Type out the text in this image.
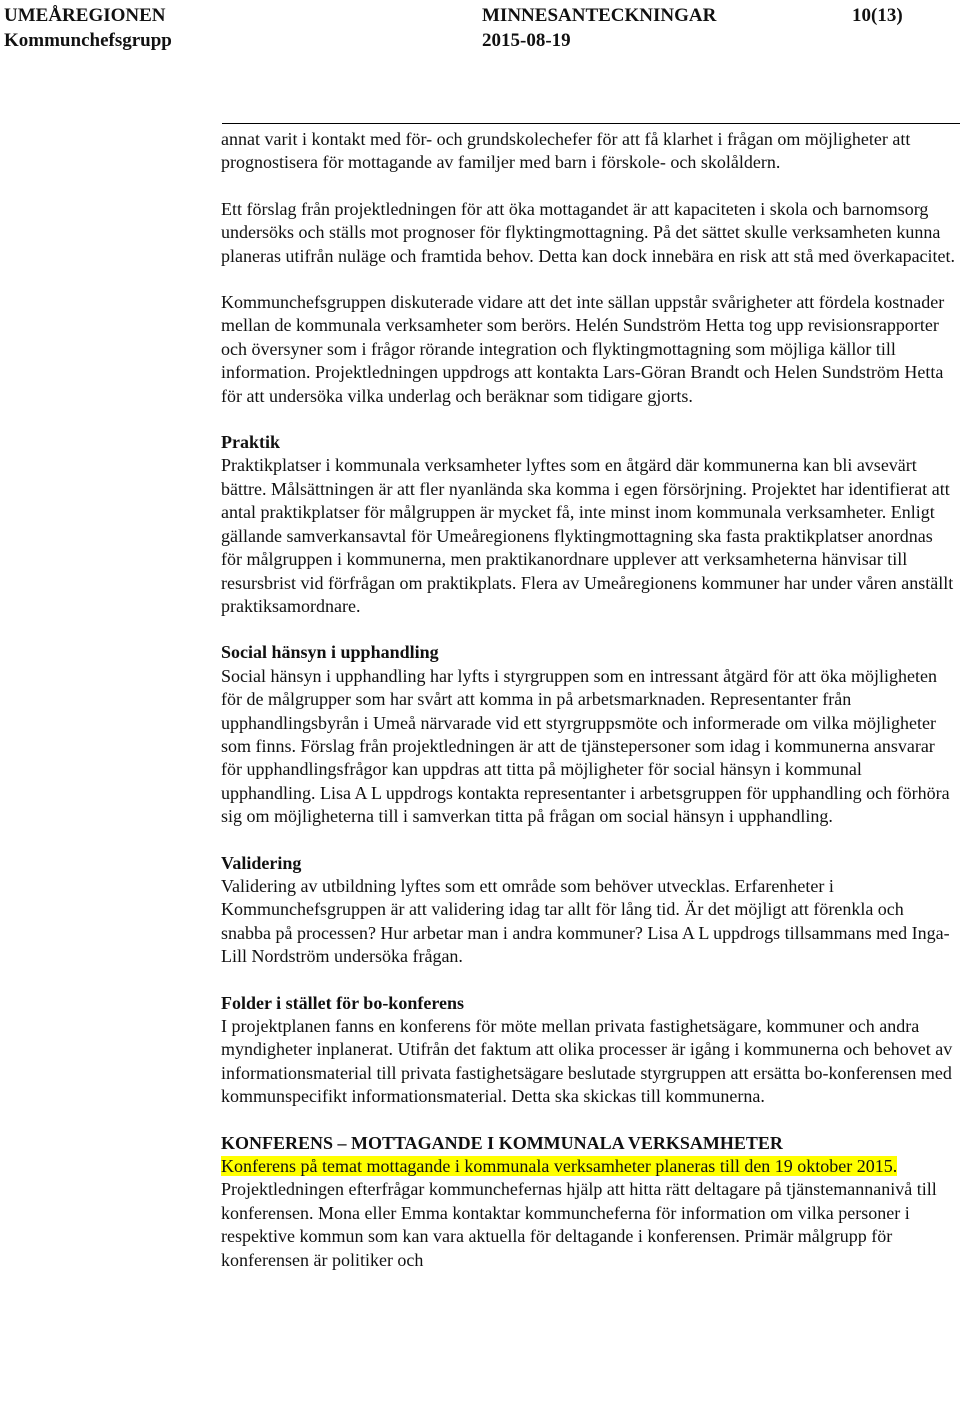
UMEÅREGIONEN
Kommunchefsgrupp
MINNESANTECKNINGAR
2015-08-19
10(13)

annat varit i kontakt med för- och grundskolechefer för att få klarhet i frågan om möjligheter att prognostisera för mottagande av familjer med barn i förskole- och skolåldern.

Ett förslag från projektledningen för att öka mottagandet är att kapaciteten i skola och barnomsorg undersöks och ställs mot prognoser för flyktingmottagning. På det sättet skulle verksamheten kunna planeras utifrån nuläge och framtida behov. Detta kan dock innebära en risk att stå med överkapacitet.

Kommunchefsgruppen diskuterade vidare att det inte sällan uppstår svårigheter att fördela kostnader mellan de kommunala verksamheter som berörs. Helén Sundström Hetta tog upp revisionsrapporter och översyner som i frågor rörande integration och flyktingmottagning som möjliga källor till information. Projektledningen uppdrogs att kontakta Lars-Göran Brandt och Helen Sundström Hetta för att undersöka vilka underlag och beräknar som tidigare gjorts.

Praktik

Praktikplatser i kommunala verksamheter lyftes som en åtgärd där kommunerna kan bli avsevärt bättre. Målsättningen är att fler nyanlända ska komma i egen försörjning. Projektet har identifierat att antal praktikplatser för målgruppen är mycket få, inte minst inom kommunala verksamheter. Enligt gällande samverkansavtal för Umeåregionens flyktingmottagning ska fasta praktikplatser anordnas för målgruppen i kommunerna, men praktikanordnare upplever att verksamheterna hänvisar till resursbrist vid förfrågan om praktikplats. Flera av Umeåregionens kommuner har under våren anställt praktiksamordnare.

Social hänsyn i upphandling

Social hänsyn i upphandling har lyfts i styrgruppen som en intressant åtgärd för att öka möjligheten för de målgrupper som har svårt att komma in på arbetsmarknaden. Representanter från upphandlingsbyrån i Umeå närvarade vid ett styrgruppsmöte och informerade om vilka möjligheter som finns. Förslag från projektledningen är att de tjänstepersoner som idag i kommunerna ansvarar för upphandlingsfrågor kan uppdras att titta på möjligheter för social hänsyn i kommunal upphandling. Lisa A L uppdrogs kontakta representanter i arbetsgruppen för upphandling och förhöra sig om möjligheterna till i samverkan titta på frågan om social hänsyn i upphandling.

Validering

Validering av utbildning lyftes som ett område som behöver utvecklas. Erfarenheter i Kommunchefsgruppen är att validering idag tar allt för lång tid. Är det möjligt att förenkla och snabba på processen? Hur arbetar man i andra kommuner? Lisa A L uppdrogs tillsammans med Inga-Lill Nordström undersöka frågan.

Folder i stället för bo-konferens

I projektplanen fanns en konferens för möte mellan privata fastighetsägare, kommuner och andra myndigheter inplanerat. Utifrån det faktum att olika processer är igång i kommunerna och behovet av informationsmaterial till privata fastighetsägare beslutade styrgruppen att ersätta bo-konferensen med kommunspecifikt informationsmaterial. Detta ska skickas till kommunerna.

KONFERENS – MOTTAGANDE I KOMMUNALA VERKSAMHETER

Konferens på temat mottagande i kommunala verksamheter planeras till den 19 oktober 2015. Projektledningen efterfrågar kommunchefernas hjälp att hitta rätt deltagare på tjänstemannanivå till konferensen. Mona eller Emma kontaktar kommuncheferna för information om vilka personer i respektive kommun som kan vara aktuella för deltagande i konferensen. Primär målgrupp för konferensen är politiker och
